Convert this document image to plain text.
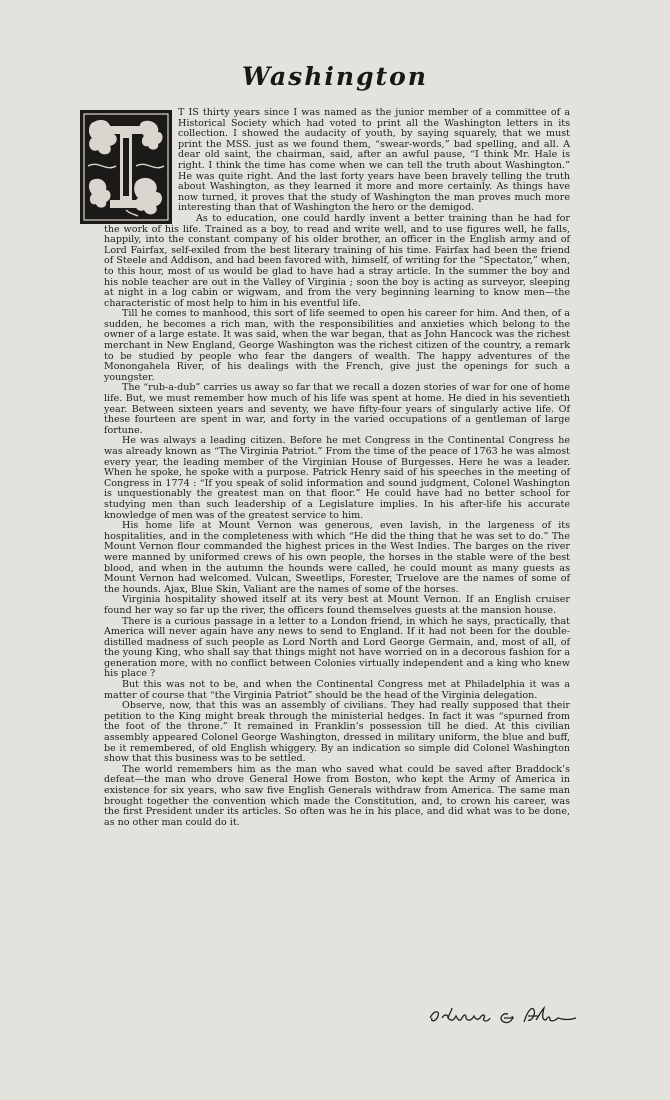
Washington

T IS thirty years since I was named as the junior member of a committee of a Historical Society which had voted to print all the Washington letters in its collection. I showed the audacity of youth, by saying squarely, that we must print the MSS. just as we found them, “swear-words,” bad spelling, and all. A dear old saint, the chairman, said, after an awful pause, “I think Mr. Hale is right. I think the time has come when we can tell the truth about Washington.” He was quite right. And the last forty years have been bravely telling the truth about Washington, as they learned it more and more certainly. As things have now turned, it proves that the study of Washington the man proves much more interesting than that of Washington the hero or the demigod.

As to education, one could hardly invent a better training than he had for the work of his life. Trained as a boy, to read and write well, and to use figures well, he falls, happily, into the constant company of his older brother, an officer in the English army and of Lord Fairfax, self-exiled from the best literary training of his time. Fairfax had been the friend of Steele and Addison, and had been favored with, himself, of writing for the “Spectator,” when, to this hour, most of us would be glad to have had a stray article. In the summer the boy and his noble teacher are out in the Valley of Virginia ; soon the boy is acting as surveyor, sleeping at night in a log cabin or wigwam, and from the very beginning learning to know men—the characteristic of most help to him in his eventful life.

Till he comes to manhood, this sort of life seemed to open his career for him. And then, of a sudden, he becomes a rich man, with the responsibilities and anxieties which belong to the owner of a large estate. It was said, when the war began, that as John Hancock was the richest merchant in New England, George Washington was the richest citizen of the country, a remark to be studied by people who fear the dangers of wealth. The happy adventures of the Monongahela River, of his dealings with the French, give just the openings for such a youngster.

The “rub-a-dub” carries us away so far that we recall a dozen stories of war for one of home life. But, we must remember how much of his life was spent at home. He died in his seventieth year. Between sixteen years and seventy, we have fifty-four years of singularly active life. Of these fourteen are spent in war, and forty in the varied occupations of a gentleman of large fortune.

He was always a leading citizen. Before he met Congress in the Continental Congress he was already known as “The Virginia Patriot.” From the time of the peace of 1763 he was almost every year, the leading member of the Virginian House of Burgesses. Here he was a leader. When he spoke, he spoke with a purpose. Patrick Henry said of his speeches in the meeting of Congress in 1774 : “If you speak of solid information and sound judgment, Colonel Washington is unquestionably the greatest man on that floor.” He could have had no better school for studying men than such leadership of a Legislature implies. In his after-life his accurate knowledge of men was of the greatest service to him.

His home life at Mount Vernon was generous, even lavish, in the largeness of its hospitalities, and in the completeness with which “He did the thing that he was set to do.” The Mount Vernon flour commanded the highest prices in the West Indies. The barges on the river were manned by uniformed crews of his own people, the horses in the stable were of the best blood, and when in the autumn the hounds were called, he could mount as many guests as Mount Vernon had welcomed. Vulcan, Sweetlips, Forester, Truelove are the names of some of the hounds. Ajax, Blue Skin, Valiant are the names of some of the horses.

Virginia hospitality showed itself at its very best at Mount Vernon. If an English cruiser found her way so far up the river, the officers found themselves guests at the mansion house.

There is a curious passage in a letter to a London friend, in which he says, practically, that America will never again have any news to send to England. If it had not been for the double-distilled madness of such people as Lord North and Lord George Germain, and, most of all, of the young King, who shall say that things might not have worried on in a decorous fashion for a generation more, with no conflict between Colonies virtually independent and a king who knew his place ?

But this was not to be, and when the Continental Congress met at Philadelphia it was a matter of course that “the Virginia Patriot” should be the head of the Virginia delegation.

Observe, now, that this was an assembly of civilians. They had really supposed that their petition to the King might break through the ministerial hedges. In fact it was “spurned from the foot of the throne.” It remained in Franklin’s possession till he died. At this civilian assembly appeared Colonel George Washington, dressed in military uniform, the blue and buff, be it remembered, of old English whiggery. By an indication so simple did Colonel Washington show that this business was to be settled.

The world remembers him as the man who saved what could be saved after Braddock’s defeat—the man who drove General Howe from Boston, who kept the Army of America in existence for six years, who saw five English Generals withdraw from America. The same man brought together the convention which made the Constitution, and, to crown his career, was the first President under its articles. So often was he in his place, and did what was to be done, as no other man could do it.
